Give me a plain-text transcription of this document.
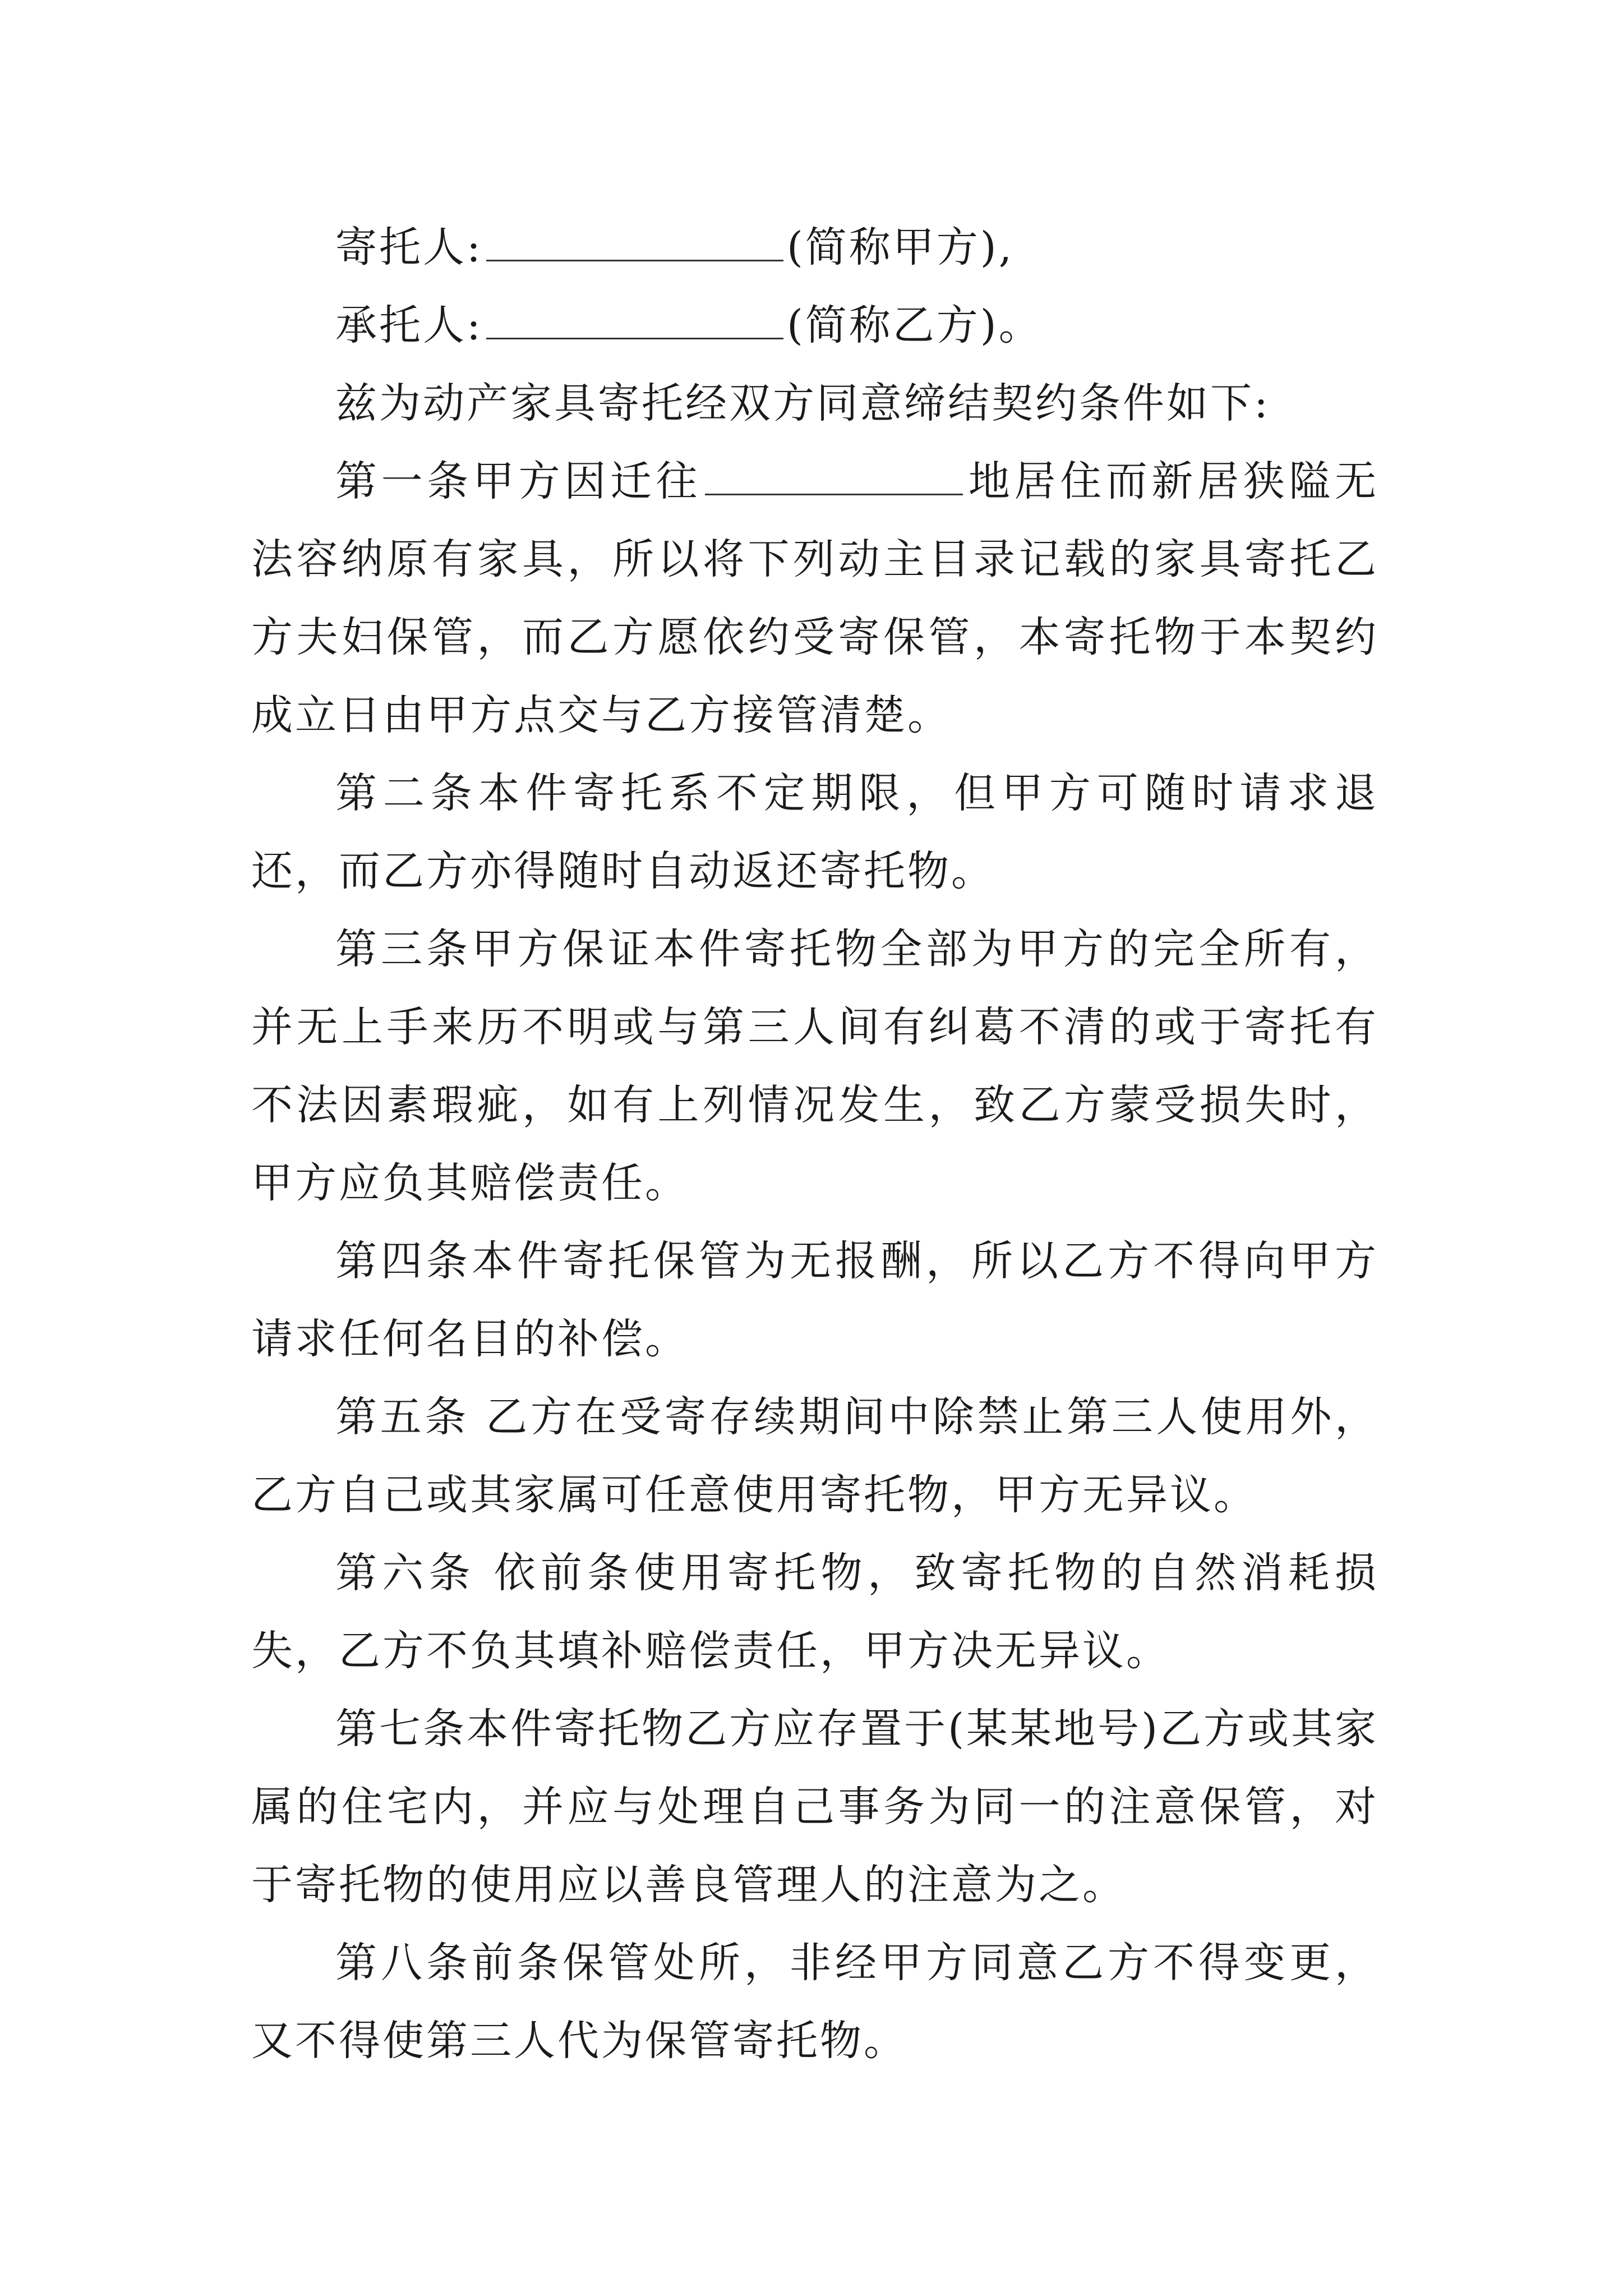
寄托人:	(简称甲方),

承托人:	(简称乙方)。

兹为动产家具寄托经双方同意缔结契约条件如下:

第一条甲方因迁往	地居住而新居狭隘无法容纳原有家具，所以将下列动主目录记载的家具寄托乙方夫妇保管，而乙方愿依约受寄保管，本寄托物于本契约成立日由甲方点交与乙方接管清楚。

第二条本件寄托系不定期限，但甲方可随时请求退还，而乙方亦得随时自动返还寄托物。

第三条甲方保证本件寄托物全部为甲方的完全所有，并无上手来历不明或与第三人间有纠葛不清的或于寄托有不法因素瑕疵，如有上列情况发生，致乙方蒙受损失时，甲方应负其赔偿责任。

第四条本件寄托保管为无报酬，所以乙方不得向甲方请求任何名目的补偿。

第五条 乙方在受寄存续期间中除禁止第三人使用外，乙方自己或其家属可任意使用寄托物，甲方无异议。

第六条 依前条使用寄托物，致寄托物的自然消耗损失，乙方不负其填补赔偿责任，甲方决无异议。

第七条本件寄托物乙方应存置于(某某地号)乙方或其家属的住宅内，并应与处理自己事务为同一的注意保管，对于寄托物的使用应以善良管理人的注意为之。

第八条前条保管处所，非经甲方同意乙方不得变更，又不得使第三人代为保管寄托物。
